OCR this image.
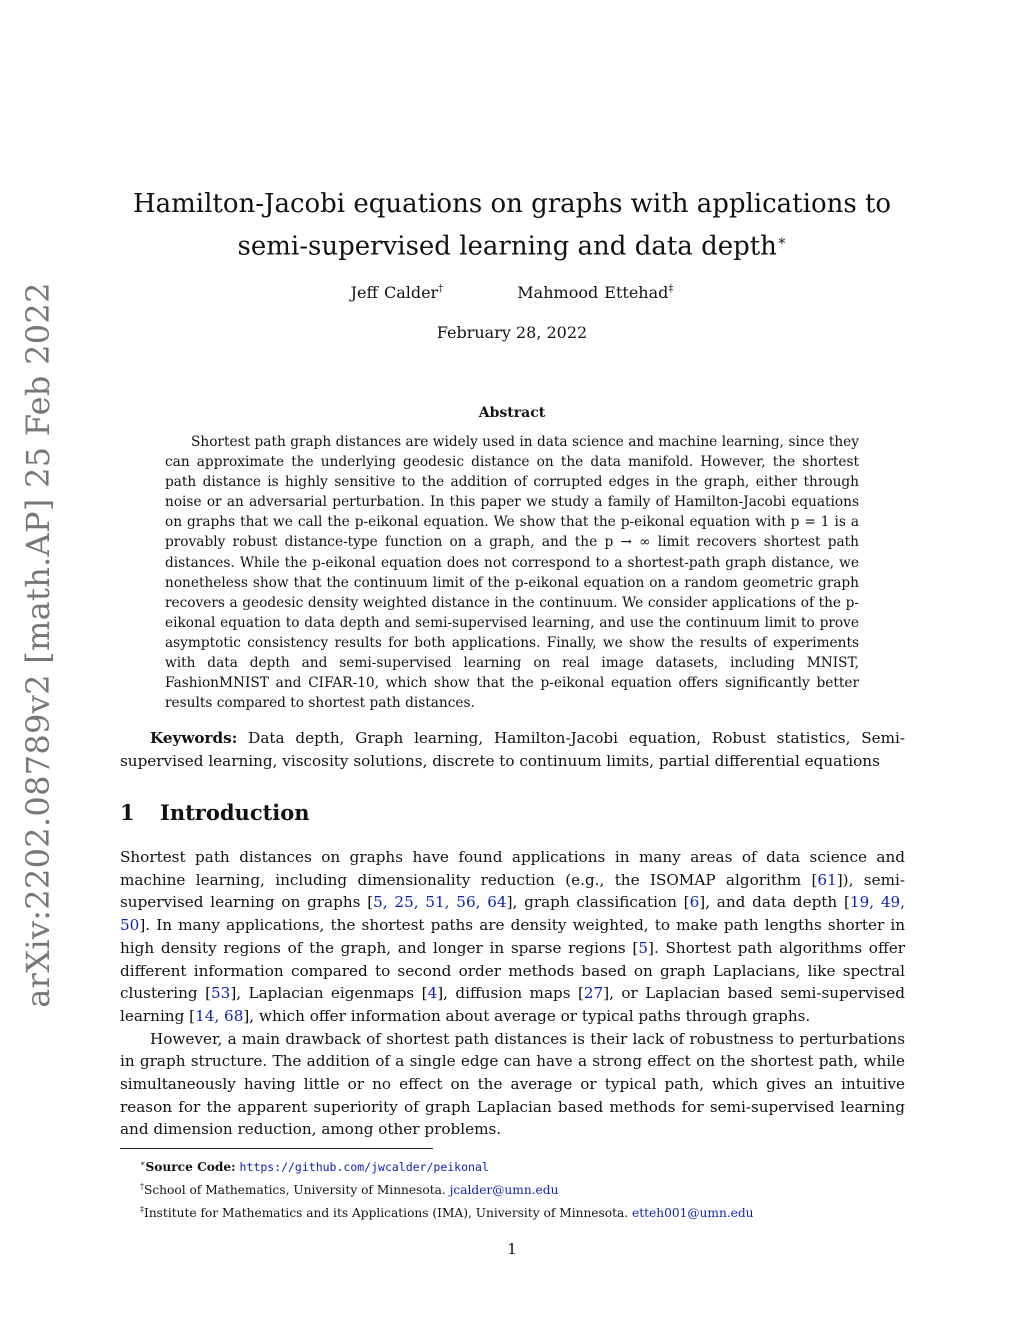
arXiv:2202.08789v2 [math.AP] 25 Feb 2022
Hamilton-Jacobi equations on graphs with applications to
semi-supervised learning and data depth∗
Jeff Calder†	Mahmood Ettehad‡
February 28, 2022
Abstract
Shortest path graph distances are widely used in data science and machine learning, since they can approximate the underlying geodesic distance on the data manifold. However, the shortest path distance is highly sensitive to the addition of corrupted edges in the graph, either through noise or an adversarial perturbation. In this paper we study a family of Hamilton-Jacobi equations on graphs that we call the p-eikonal equation. We show that the p-eikonal equation with p = 1 is a provably robust distance-type function on a graph, and the p → ∞ limit recovers shortest path distances. While the p-eikonal equation does not correspond to a shortest-path graph distance, we nonetheless show that the continuum limit of the p-eikonal equation on a random geometric graph recovers a geodesic density weighted distance in the continuum. We consider applications of the p-eikonal equation to data depth and semi-supervised learning, and use the continuum limit to prove asymptotic consistency results for both applications. Finally, we show the results of experiments with data depth and semi-supervised learning on real image datasets, including MNIST, FashionMNIST and CIFAR-10, which show that the p-eikonal equation offers significantly better results compared to shortest path distances.
Keywords: Data depth, Graph learning, Hamilton-Jacobi equation, Robust statistics, Semi-supervised learning, viscosity solutions, discrete to continuum limits, partial differential equations
1 Introduction

Shortest path distances on graphs have found applications in many areas of data science and machine learning, including dimensionality reduction (e.g., the ISOMAP algorithm [61]), semi-supervised learning on graphs [5, 25, 51, 56, 64], graph classification [6], and data depth [19, 49, 50]. In many applications, the shortest paths are density weighted, to make path lengths shorter in high density regions of the graph, and longer in sparse regions [5]. Shortest path algorithms offer different information compared to second order methods based on graph Laplacians, like spectral clustering [53], Laplacian eigenmaps [4], diffusion maps [27], or Laplacian based semi-supervised learning [14, 68], which offer information about average or typical paths through graphs.

However, a main drawback of shortest path distances is their lack of robustness to perturbations in graph structure. The addition of a single edge can have a strong effect on the shortest path, while simultaneously having little or no effect on the average or typical path, which gives an intuitive reason for the apparent superiority of graph Laplacian based methods for semi-supervised learning and dimension reduction, among other problems.

∗Source Code: https://github.com/jwcalder/peikonal
†School of Mathematics, University of Minnesota. jcalder@umn.edu
‡Institute for Mathematics and its Applications (IMA), University of Minnesota. etteh001@umn.edu
1
